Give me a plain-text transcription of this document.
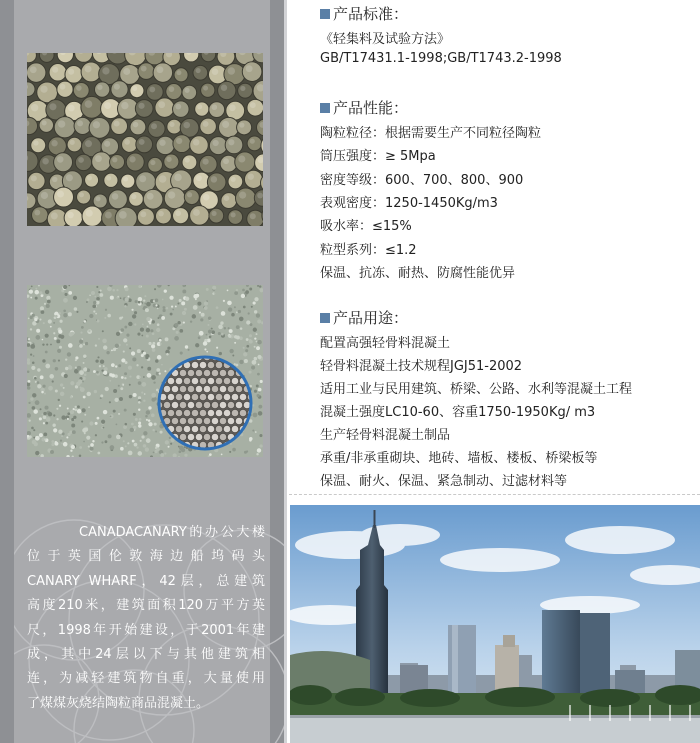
CANADACANARY的办公大楼

位于英国伦敦海边船坞码头

CANARY WHARF，42层，总建筑

高度210米，建筑面积120万平方英

尺，1998年开始建设，于2001年建

成，其中24层以下与其他建筑相

连，为减轻建筑物自重，大量使用

了煤煤灰烧结陶粒商品混凝土。

产品标准：
《轻集料及试验方法》
GB/T17431.1-1998;GB/T1743.2-1998
产品性能：
陶粒粒径：根据需要生产不同粒径陶粒
筒压强度：≥ 5Mpa
密度等级：600、700、800、900
表观密度：1250-1450Kg/m3
吸水率：≤15%
粒型系列：≤1.2
保温、抗冻、耐热、防腐性能优异
产品用途：
配置高强轻骨料混凝土
轻骨料混凝土技术规程JGJ51-2002
适用工业与民用建筑、桥梁、公路、水利等混凝土工程
混凝土强度LC10-60、容重1750-1950Kg/ m3
生产轻骨料混凝土制品
承重/非承重砌块、地砖、墙板、楼板、桥梁板等
保温、耐火、保温、紧急制动、过滤材料等
